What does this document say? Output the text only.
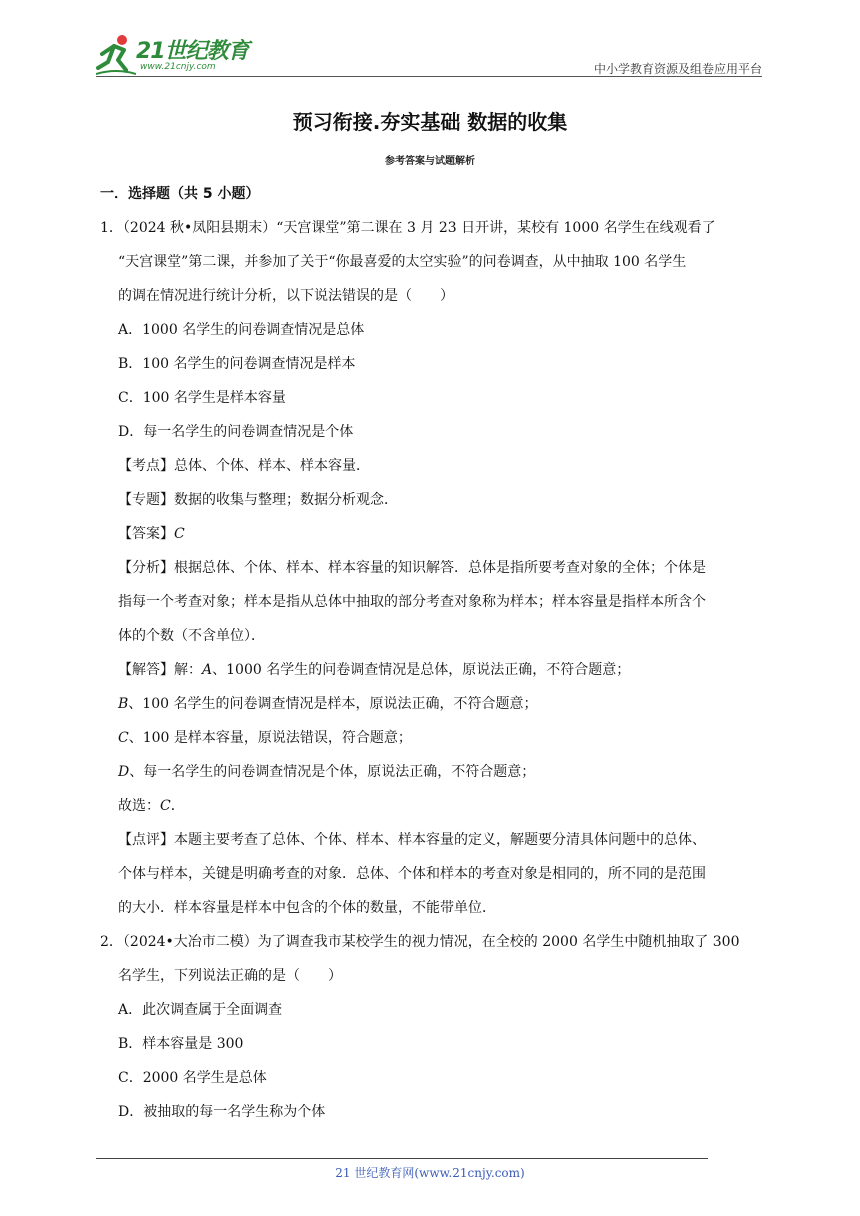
21世纪教育
www.21cnjy.com	中小学教育资源及组卷应用平台
预习衔接.夯实基础 数据的收集
参考答案与试题解析
一．选择题（共 5 小题）
1．（2024 秋•凤阳县期末）“天宫课堂”第二课在 3 月 23 日开讲，某校有 1000 名学生在线观看了
“天宫课堂”第二课，并参加了关于“你最喜爱的太空实验”的问卷调查，从中抽取 100 名学生
的调在情况进行统计分析，以下说法错误的是（　　）
A．1000 名学生的问卷调查情况是总体
B．100 名学生的问卷调查情况是样本
C．100 名学生是样本容量
D．每一名学生的问卷调查情况是个体
【考点】总体、个体、样本、样本容量．
【专题】数据的收集与整理；数据分析观念．
【答案】C
【分析】根据总体、个体、样本、样本容量的知识解答．总体是指所要考查对象的全体；个体是
指每一个考查对象；样本是指从总体中抽取的部分考查对象称为样本；样本容量是指样本所含个
体的个数（不含单位）．
【解答】解：A、1000 名学生的问卷调查情况是总体，原说法正确，不符合题意；
B、100 名学生的问卷调查情况是样本，原说法正确，不符合题意；
C、100 是样本容量，原说法错误，符合题意；
D、每一名学生的问卷调查情况是个体，原说法正确，不符合题意；
故选：C．
【点评】本题主要考查了总体、个体、样本、样本容量的定义，解题要分清具体问题中的总体、
个体与样本，关键是明确考查的对象．总体、个体和样本的考查对象是相同的，所不同的是范围
的大小．样本容量是样本中包含的个体的数量，不能带单位．
2．（2024•大冶市二模）为了调查我市某校学生的视力情况，在全校的 2000 名学生中随机抽取了 300
名学生，下列说法正确的是（　　）
A．此次调查属于全面调查
B．样本容量是 300
C．2000 名学生是总体
D．被抽取的每一名学生称为个体
21 世纪教育网(www.21cnjy.com)
